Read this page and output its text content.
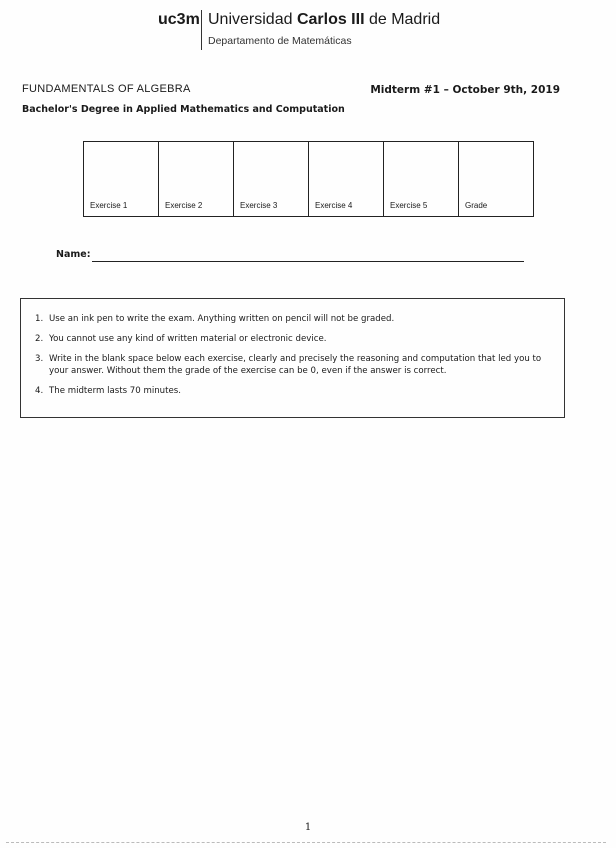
uc3m Universidad Carlos III de Madrid
Departamento de Matemáticas
FUNDAMENTALS OF ALGEBRA	Midterm #1 – October 9th, 2019
Bachelor's Degree in Applied Mathematics and Computation
Exercise 1	Exercise 2	Exercise 3	Exercise 4	Exercise 5	Grade
Name:
1. Use an ink pen to write the exam. Anything written on pencil will not be graded.
2. You cannot use any kind of written material or electronic device.
3. Write in the blank space below each exercise, clearly and precisely the reasoning and computation that led you to your answer. Without them the grade of the exercise can be 0, even if the answer is correct.
4. The midterm lasts 70 minutes.
1
